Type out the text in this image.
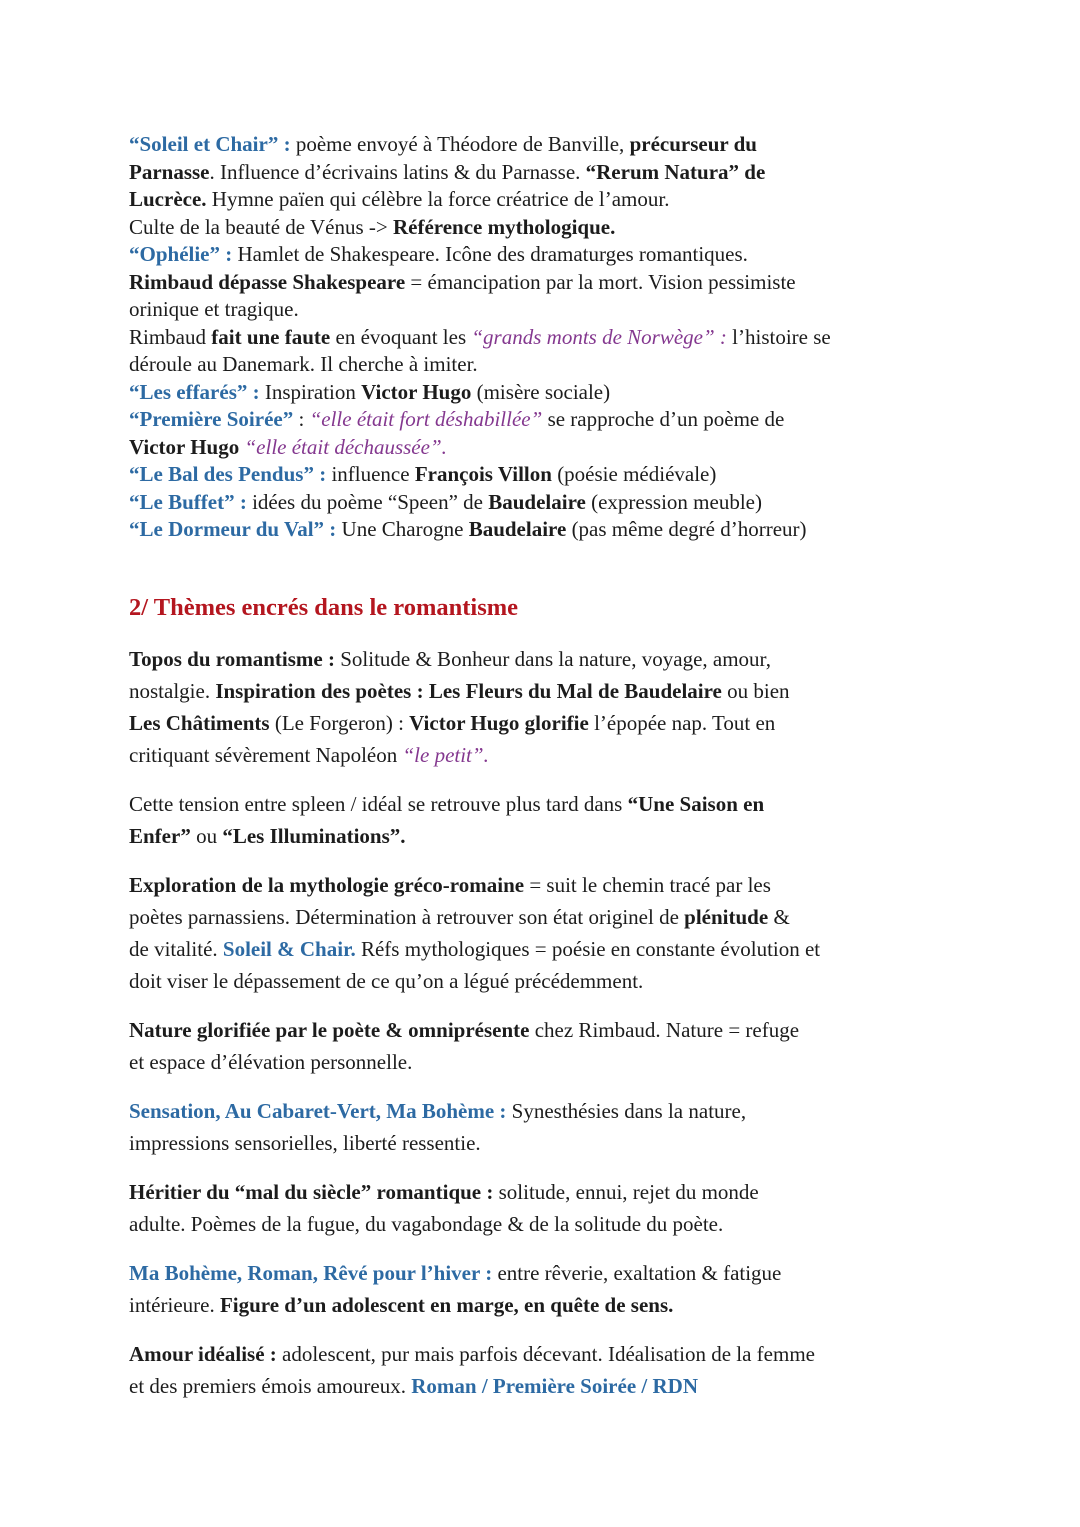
“Soleil et Chair” : poème envoyé à Théodore de Banville, précurseur du
Parnasse. Influence d’écrivains latins & du Parnasse. “Rerum Natura” de
Lucrèce. Hymne païen qui célèbre la force créatrice de l’amour.
Culte de la beauté de Vénus -> Référence mythologique.
“Ophélie” : Hamlet de Shakespeare. Icône des dramaturges romantiques.
Rimbaud dépasse Shakespeare = émancipation par la mort. Vision pessimiste
orinique et tragique.
Rimbaud fait une faute en évoquant les “grands monts de Norwège” : l’histoire se
déroule au Danemark. Il cherche à imiter.
“Les effarés” : Inspiration Victor Hugo (misère sociale)
“Première Soirée” : “elle était fort déshabillée” se rapproche d’un poème de
Victor Hugo “elle était déchaussée”.
“Le Bal des Pendus” : influence François Villon (poésie médiévale)
“Le Buffet” : idées du poème “Speen” de Baudelaire (expression meuble)
“Le Dormeur du Val” : Une Charogne Baudelaire (pas même degré d’horreur)
2/ Thèmes encrés dans le romantisme
Topos du romantisme : Solitude & Bonheur dans la nature, voyage, amour,
nostalgie. Inspiration des poètes : Les Fleurs du Mal de Baudelaire ou bien
Les Châtiments (Le Forgeron) : Victor Hugo glorifie l’épopée nap. Tout en
critiquant sévèrement Napoléon “le petit”.
Cette tension entre spleen / idéal se retrouve plus tard dans “Une Saison en
Enfer” ou “Les Illuminations”.
Exploration de la mythologie gréco-romaine = suit le chemin tracé par les
poètes parnassiens. Détermination à retrouver son état originel de plénitude &
de vitalité. Soleil & Chair. Réfs mythologiques = poésie en constante évolution et
doit viser le dépassement de ce qu’on a légué précédemment.
Nature glorifiée par le poète & omniprésente chez Rimbaud. Nature = refuge
et espace d’élévation personnelle.
Sensation, Au Cabaret-Vert, Ma Bohème : Synesthésies dans la nature,
impressions sensorielles, liberté ressentie.
Héritier du “mal du siècle” romantique : solitude, ennui, rejet du monde
adulte. Poèmes de la fugue, du vagabondage & de la solitude du poète.
Ma Bohème, Roman, Rêvé pour l’hiver : entre rêverie, exaltation & fatigue
intérieure. Figure d’un adolescent en marge, en quête de sens.
Amour idéalisé : adolescent, pur mais parfois décevant. Idéalisation de la femme
et des premiers émois amoureux. Roman / Première Soirée / RDN
